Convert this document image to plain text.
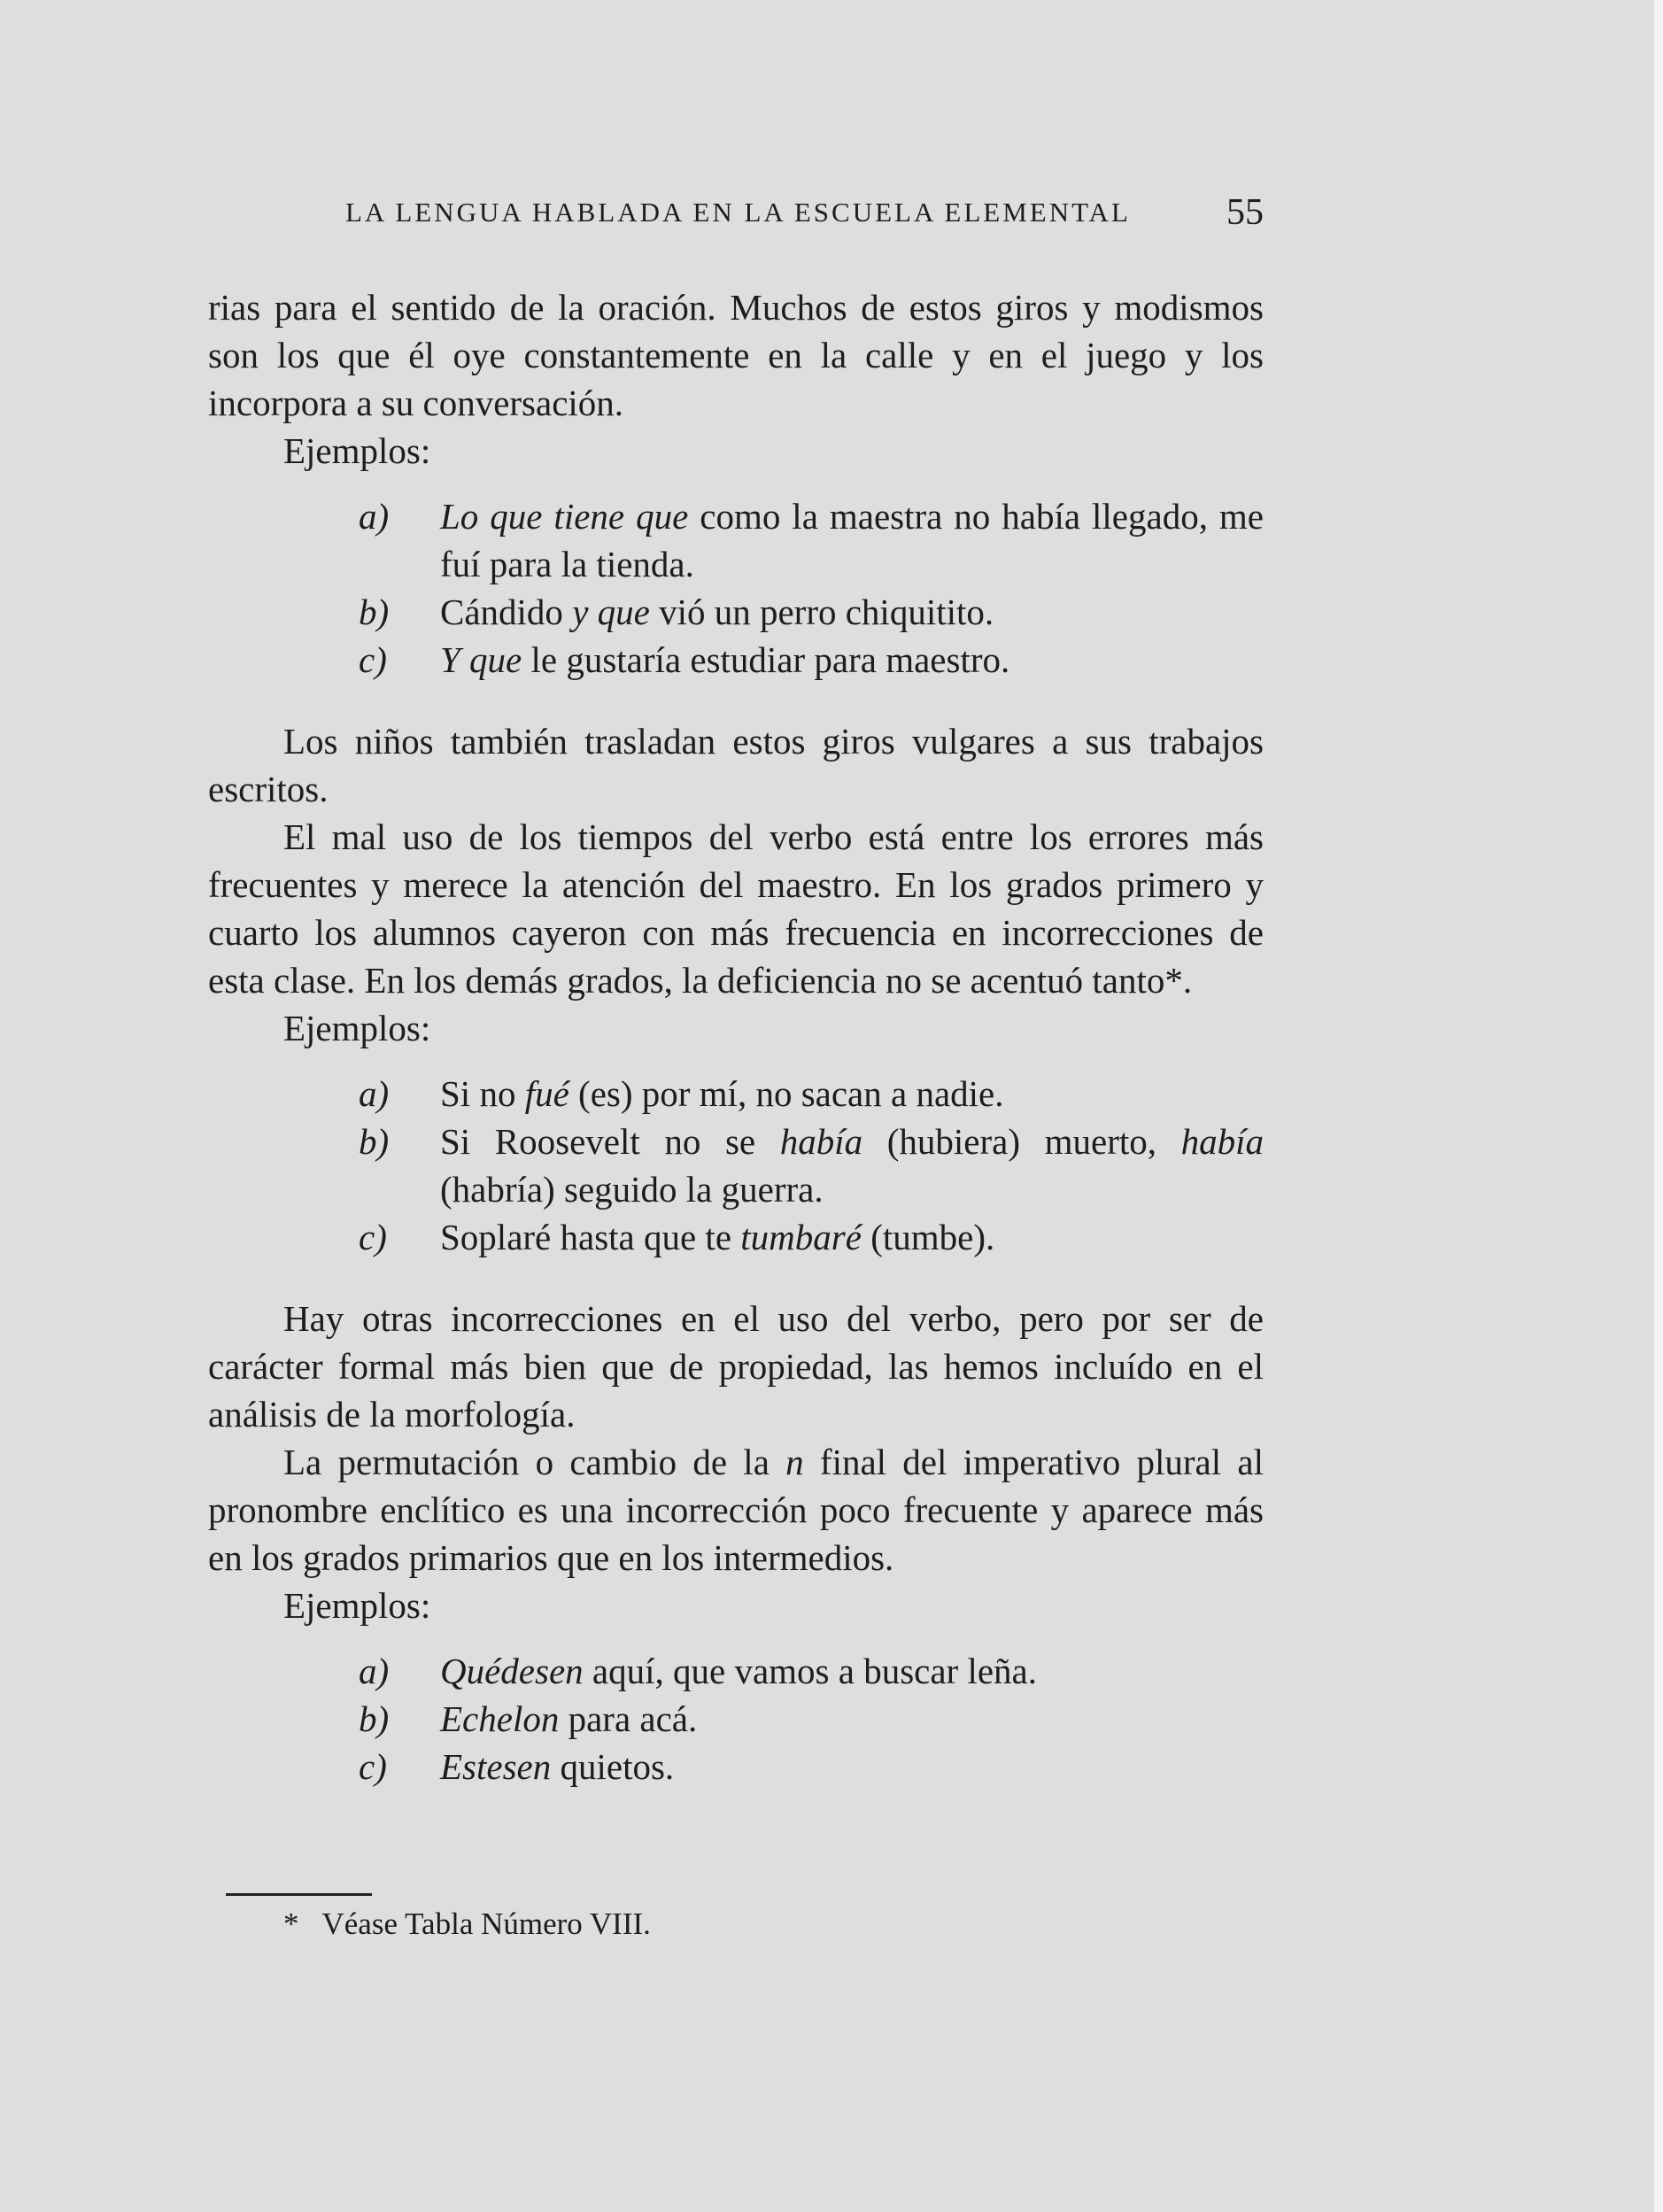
LA LENGUA HABLADA EN LA ESCUELA ELEMENTAL	55

rias para el sentido de la oración. Muchos de estos giros y modismos son los que él oye constantemente en la calle y en el juego y los incorpora a su conversación.

Ejemplos:

a)	Lo que tiene que como la maestra no había llegado, me fuí para la tienda.
b)	Cándido y que vió un perro chiquitito.
c)	Y que le gustaría estudiar para maestro.

Los niños también trasladan estos giros vulgares a sus trabajos escritos.

El mal uso de los tiempos del verbo está entre los errores más frecuentes y merece la atención del maestro. En los grados primero y cuarto los alumnos cayeron con más frecuencia en incorrecciones de esta clase. En los demás grados, la deficiencia no se acentuó tanto*.

Ejemplos:

a)	Si no fué (es) por mí, no sacan a nadie.
b)	Si Roosevelt no se había (hubiera) muerto, había (habría) seguido la guerra.
c)	Soplaré hasta que te tumbaré (tumbe).

Hay otras incorrecciones en el uso del verbo, pero por ser de carácter formal más bien que de propiedad, las hemos incluído en el análisis de la morfología.

La permutación o cambio de la n final del imperativo plural al pronombre enclítico es una incorrección poco frecuente y aparece más en los grados primarios que en los intermedios.

Ejemplos:

a)	Quédesen aquí, que vamos a buscar leña.
b)	Echelon para acá.
c)	Estesen quietos.
* Véase Tabla Número VIII.
